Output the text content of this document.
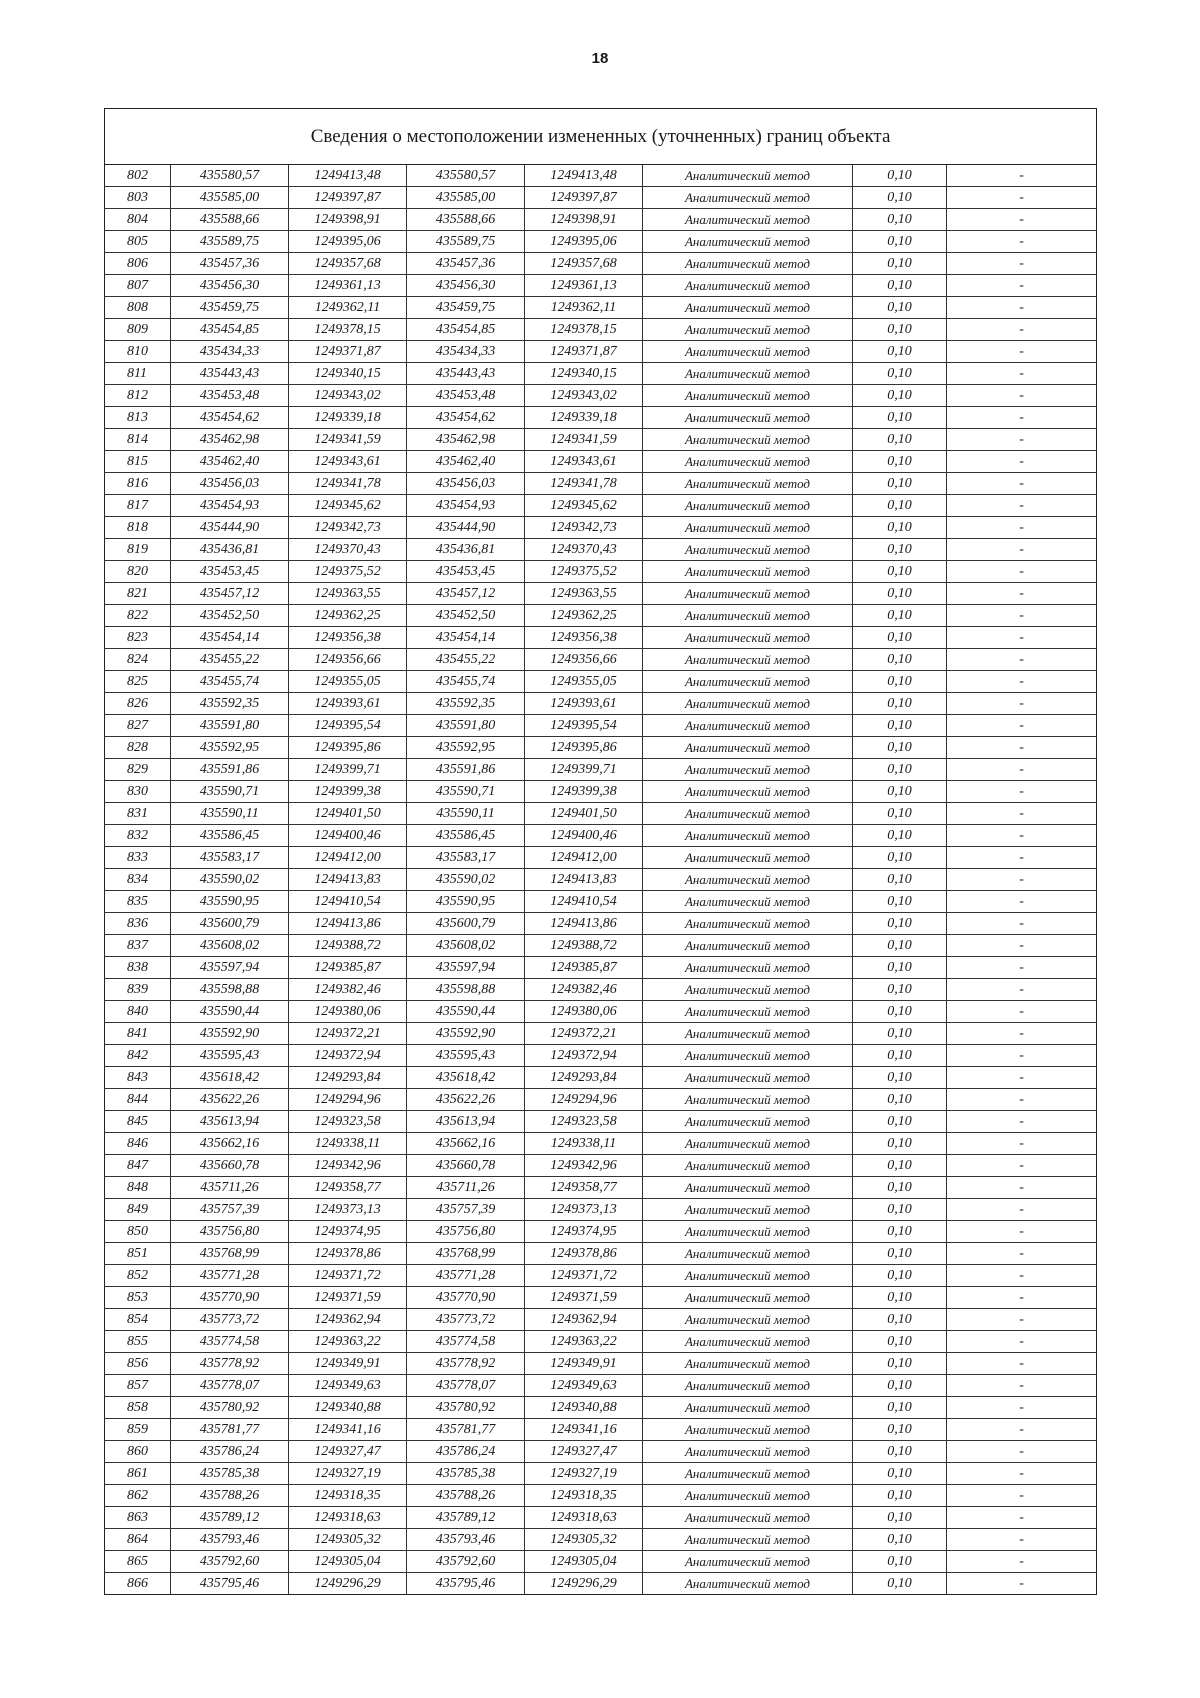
18
Сведения о местоположении измененных (уточненных) границ объекта							
802	435580,57	1249413,48	435580,57	1249413,48	Аналитический метод	0,10	-
803	435585,00	1249397,87	435585,00	1249397,87	Аналитический метод	0,10	-
804	435588,66	1249398,91	435588,66	1249398,91	Аналитический метод	0,10	-
805	435589,75	1249395,06	435589,75	1249395,06	Аналитический метод	0,10	-
806	435457,36	1249357,68	435457,36	1249357,68	Аналитический метод	0,10	-
807	435456,30	1249361,13	435456,30	1249361,13	Аналитический метод	0,10	-
808	435459,75	1249362,11	435459,75	1249362,11	Аналитический метод	0,10	-
809	435454,85	1249378,15	435454,85	1249378,15	Аналитический метод	0,10	-
810	435434,33	1249371,87	435434,33	1249371,87	Аналитический метод	0,10	-
811	435443,43	1249340,15	435443,43	1249340,15	Аналитический метод	0,10	-
812	435453,48	1249343,02	435453,48	1249343,02	Аналитический метод	0,10	-
813	435454,62	1249339,18	435454,62	1249339,18	Аналитический метод	0,10	-
814	435462,98	1249341,59	435462,98	1249341,59	Аналитический метод	0,10	-
815	435462,40	1249343,61	435462,40	1249343,61	Аналитический метод	0,10	-
816	435456,03	1249341,78	435456,03	1249341,78	Аналитический метод	0,10	-
817	435454,93	1249345,62	435454,93	1249345,62	Аналитический метод	0,10	-
818	435444,90	1249342,73	435444,90	1249342,73	Аналитический метод	0,10	-
819	435436,81	1249370,43	435436,81	1249370,43	Аналитический метод	0,10	-
820	435453,45	1249375,52	435453,45	1249375,52	Аналитический метод	0,10	-
821	435457,12	1249363,55	435457,12	1249363,55	Аналитический метод	0,10	-
822	435452,50	1249362,25	435452,50	1249362,25	Аналитический метод	0,10	-
823	435454,14	1249356,38	435454,14	1249356,38	Аналитический метод	0,10	-
824	435455,22	1249356,66	435455,22	1249356,66	Аналитический метод	0,10	-
825	435455,74	1249355,05	435455,74	1249355,05	Аналитический метод	0,10	-
826	435592,35	1249393,61	435592,35	1249393,61	Аналитический метод	0,10	-
827	435591,80	1249395,54	435591,80	1249395,54	Аналитический метод	0,10	-
828	435592,95	1249395,86	435592,95	1249395,86	Аналитический метод	0,10	-
829	435591,86	1249399,71	435591,86	1249399,71	Аналитический метод	0,10	-
830	435590,71	1249399,38	435590,71	1249399,38	Аналитический метод	0,10	-
831	435590,11	1249401,50	435590,11	1249401,50	Аналитический метод	0,10	-
832	435586,45	1249400,46	435586,45	1249400,46	Аналитический метод	0,10	-
833	435583,17	1249412,00	435583,17	1249412,00	Аналитический метод	0,10	-
834	435590,02	1249413,83	435590,02	1249413,83	Аналитический метод	0,10	-
835	435590,95	1249410,54	435590,95	1249410,54	Аналитический метод	0,10	-
836	435600,79	1249413,86	435600,79	1249413,86	Аналитический метод	0,10	-
837	435608,02	1249388,72	435608,02	1249388,72	Аналитический метод	0,10	-
838	435597,94	1249385,87	435597,94	1249385,87	Аналитический метод	0,10	-
839	435598,88	1249382,46	435598,88	1249382,46	Аналитический метод	0,10	-
840	435590,44	1249380,06	435590,44	1249380,06	Аналитический метод	0,10	-
841	435592,90	1249372,21	435592,90	1249372,21	Аналитический метод	0,10	-
842	435595,43	1249372,94	435595,43	1249372,94	Аналитический метод	0,10	-
843	435618,42	1249293,84	435618,42	1249293,84	Аналитический метод	0,10	-
844	435622,26	1249294,96	435622,26	1249294,96	Аналитический метод	0,10	-
845	435613,94	1249323,58	435613,94	1249323,58	Аналитический метод	0,10	-
846	435662,16	1249338,11	435662,16	1249338,11	Аналитический метод	0,10	-
847	435660,78	1249342,96	435660,78	1249342,96	Аналитический метод	0,10	-
848	435711,26	1249358,77	435711,26	1249358,77	Аналитический метод	0,10	-
849	435757,39	1249373,13	435757,39	1249373,13	Аналитический метод	0,10	-
850	435756,80	1249374,95	435756,80	1249374,95	Аналитический метод	0,10	-
851	435768,99	1249378,86	435768,99	1249378,86	Аналитический метод	0,10	-
852	435771,28	1249371,72	435771,28	1249371,72	Аналитический метод	0,10	-
853	435770,90	1249371,59	435770,90	1249371,59	Аналитический метод	0,10	-
854	435773,72	1249362,94	435773,72	1249362,94	Аналитический метод	0,10	-
855	435774,58	1249363,22	435774,58	1249363,22	Аналитический метод	0,10	-
856	435778,92	1249349,91	435778,92	1249349,91	Аналитический метод	0,10	-
857	435778,07	1249349,63	435778,07	1249349,63	Аналитический метод	0,10	-
858	435780,92	1249340,88	435780,92	1249340,88	Аналитический метод	0,10	-
859	435781,77	1249341,16	435781,77	1249341,16	Аналитический метод	0,10	-
860	435786,24	1249327,47	435786,24	1249327,47	Аналитический метод	0,10	-
861	435785,38	1249327,19	435785,38	1249327,19	Аналитический метод	0,10	-
862	435788,26	1249318,35	435788,26	1249318,35	Аналитический метод	0,10	-
863	435789,12	1249318,63	435789,12	1249318,63	Аналитический метод	0,10	-
864	435793,46	1249305,32	435793,46	1249305,32	Аналитический метод	0,10	-
865	435792,60	1249305,04	435792,60	1249305,04	Аналитический метод	0,10	-
866	435795,46	1249296,29	435795,46	1249296,29	Аналитический метод	0,10	-
